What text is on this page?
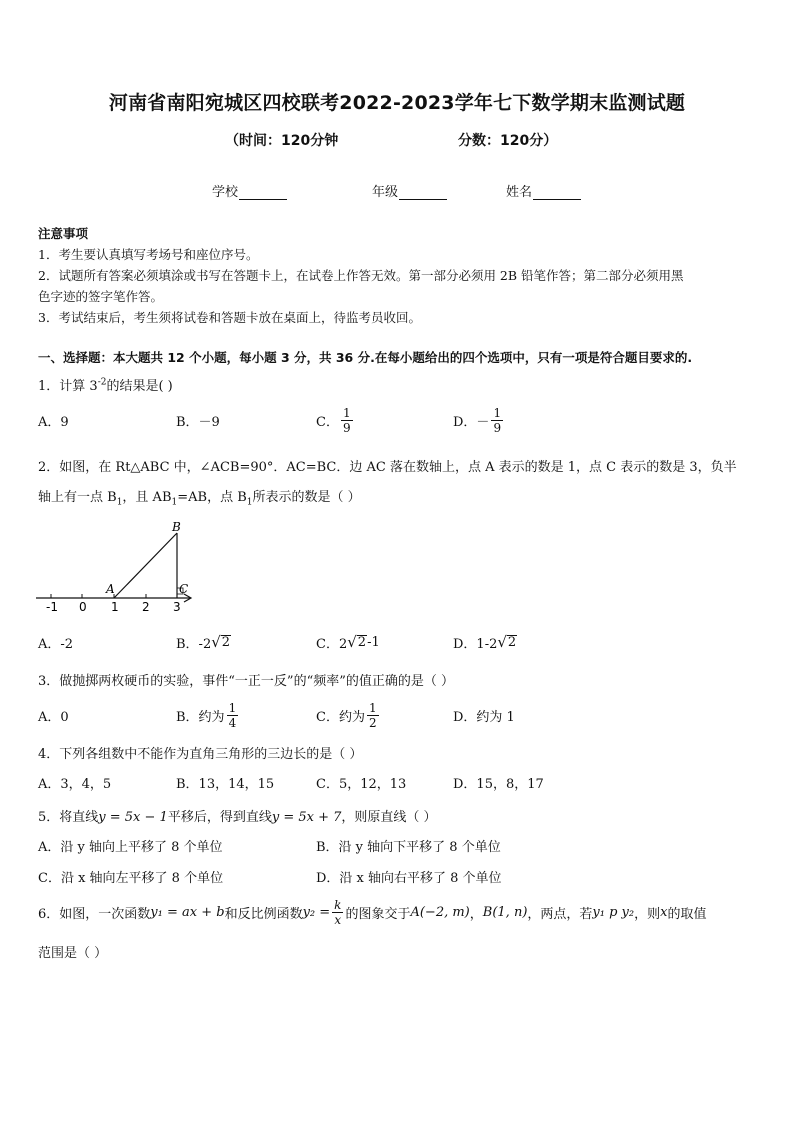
河南省南阳宛城区四校联考2022-2023学年七下数学期末监测试题
（时间：120分钟	分数：120分）
学校	年级	姓名

注意事项

1．考生要认真填写考场号和座位序号。

2．试题所有答案必须填涂或书写在答题卡上，在试卷上作答无效。第一部分必须用 2B 铅笔作答；第二部分必须用黑

色字迹的签字笔作答。

3．考试结束后，考生须将试卷和答题卡放在桌面上，待监考员收回。

一、选择题：本大题共 12 个小题，每小题 3 分，共 36 分.在每小题给出的四个选项中，只有一项是符合题目要求的.
1．计算 $3^{-2}$的结果是( )
A．9	B．－9	C． $\frac{1}{9}$	D．－ $\frac{1}{9}$
2．如图，在 Rt△ABC 中，∠ACB=90°．AC=BC．边 AC 落在数轴上，点 A 表示的数是 1，点 C 表示的数是 3，负半
轴上有一点 $B_1$，且 $AB_1=AB$，点 $B_1$所表示的数是（ ）
B
A	C
-1 0 1 2 3
A．-2	B．-2 √ 2	C．2 √ 2 -1	D．1-2 √ 2
3．做抛掷两枚硬币的实验，事件“一正一反”的“频率”的值正确的是（ ）
A．0	B．约为 $\frac{1}{4}$	C．约为 $\frac{1}{2}$	D．约为 1
4．下列各组数中不能作为直角三角形的三边长的是（ ）
A．3，4，5	B．13，14，15	C．5，12，13	D．15，8，17
5．将直线y = 5x − 1平移后，得到直线y = 5x + 7，则原直线（ ）
A．沿 y 轴向上平移了 8 个单位	B．沿 y 轴向下平移了 8 个单位
C．沿 x 轴向左平移了 8 个单位	D．沿 x 轴向右平移了 8 个单位
6．如图，一次函数 y₁ = ax + b 和反比例函数 $y_2 = \frac{k}{x}$ 的图象交于 A(−2, m) ， B(1, n) ，两点，若 y₁ p y₂ ，则 x 的取值
范围是（ ）
